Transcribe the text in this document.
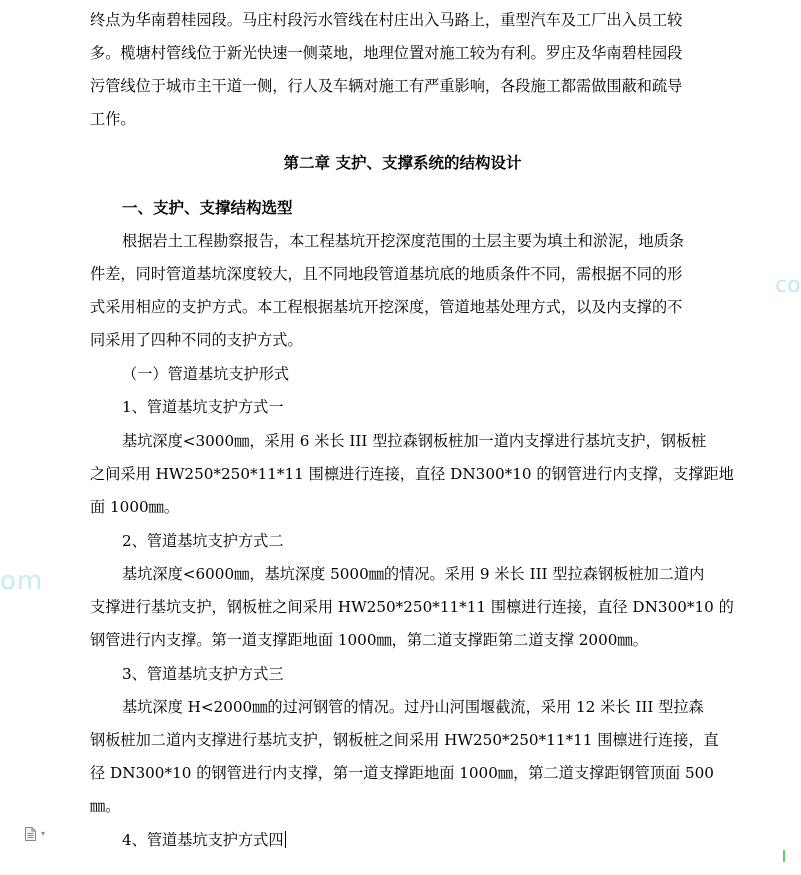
终点为华南碧桂园段。马庄村段污水管线在村庄出入马路上，重型汽车及工厂出入员工较
多。榄塘村管线位于新光快速一侧菜地，地理位置对施工较为有利。罗庄及华南碧桂园段
污管线位于城市主干道一侧，行人及车辆对施工有严重影响，各段施工都需做围蔽和疏导
工作。
第二章 支护、支撑系统的结构设计
一、支护、支撑结构选型
根据岩土工程勘察报告，本工程基坑开挖深度范围的土层主要为填土和淤泥，地质条
件差，同时管道基坑深度较大，且不同地段管道基坑底的地质条件不同，需根据不同的形
式采用相应的支护方式。本工程根据基坑开挖深度，管道地基处理方式，以及内支撑的不
同采用了四种不同的支护方式。
（一）管道基坑支护形式
1、管道基坑支护方式一
基坑深度<3000㎜，采用 6 米长 III 型拉森钢板桩加一道内支撑进行基坑支护，钢板桩
之间采用 HW250*250*11*11 围檩进行连接，直径 DN300*10 的钢管进行内支撑，支撑距地
面 1000㎜。
2、管道基坑支护方式二
基坑深度<6000㎜，基坑深度 5000㎜的情况。采用 9 米长 III 型拉森钢板桩加二道内
支撑进行基坑支护，钢板桩之间采用 HW250*250*11*11 围檩进行连接，直径 DN300*10 的
钢管进行内支撑。第一道支撑距地面 1000㎜，第二道支撑距第二道支撑 2000㎜。
3、管道基坑支护方式三
基坑深度 H<2000㎜的过河钢管的情况。过丹山河围堰截流，采用 12 米长 III 型拉森
钢板桩加二道内支撑进行基坑支护，钢板桩之间采用 HW250*250*11*11 围檩进行连接，直
径 DN300*10 的钢管进行内支撑，第一道支撑距地面 1000㎜，第二道支撑距钢管顶面 500
㎜。
4、管道基坑支护方式四
om
co
▾
